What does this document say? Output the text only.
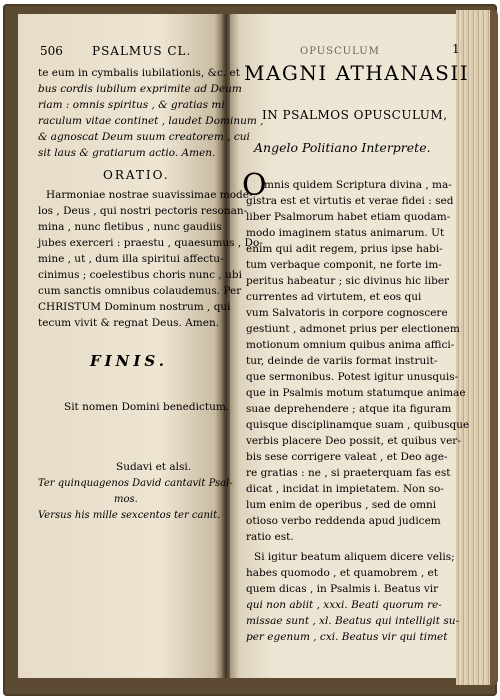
506 PSALMUS CL.
te eum in cymbalis iubilationis, &c. et
bus cordis iubilum exprimite ad Deum
riam : omnis spiritus , & gratias mi
raculum vitae continet , laudet Dominum ,
& agnoscat Deum suum creatorem , cui
sit laus & gratiarum actio. Amen.
ORATIO.
Harmoniae nostrae suavissimae mode-
los , Deus , qui nostri pectoris resonan-
mina , nunc fletibus , nunc gaudiis
jubes exerceri : praestu , quaesumus , Do-
mine , ut , dum illa spiritui affectu-
cinimus ; coelestibus choris nunc , ubi
cum sanctis omnibus colaudemus. Per
CHRISTUM Dominum nostrum , qui
tecum vivit & regnat Deus. Amen.
FINIS.
Sit nomen Domini benedictum.
Sudavi et alsi.
Ter quinquagenos David cantavit Psal-
mos.
Versus his mille sexcentos ter canit.
OPUSCULUM	1
MAGNI ATHANASII
IN PSALMOS OPUSCULUM,
Angelo Politiano Interprete.
O
mnis quidem Scriptura divina , ma-
gistra est et virtutis et verae fidei : sed
liber Psalmorum habet etiam quodam-
modo imaginem status animarum. Ut
enim qui adit regem, prius ipse habi-
tum verbaque componit, ne forte im-
peritus habeatur ; sic divinus hic liber
currentes ad virtutem, et eos qui
vum Salvatoris in corpore cognoscere
gestiunt , admonet prius per electionem
motionum omnium quibus anima affici-
tur, deinde de variis format instruit-
que sermonibus. Potest igitur unusquis-
que in Psalmis motum statumque animae
suae deprehendere ; atque ita figuram
quisque disciplinamque suam , quibusque
verbis placere Deo possit, et quibus ver-
bis sese corrigere valeat , et Deo age-
re gratias : ne , si praeterquam fas est
dicat , incidat in impietatem. Non so-
lum enim de operibus , sed de omni
otioso verbo reddenda apud judicem
ratio est.
Si igitur beatum aliquem dicere velis;
habes quomodo , et quamobrem , et
quem dicas , in Psalmis i. Beatus vir
qui non abiit , xxxi. Beati quorum re-
missae sunt , xl. Beatus qui intelligit su-
per egenum , cxi. Beatus vir qui timet
